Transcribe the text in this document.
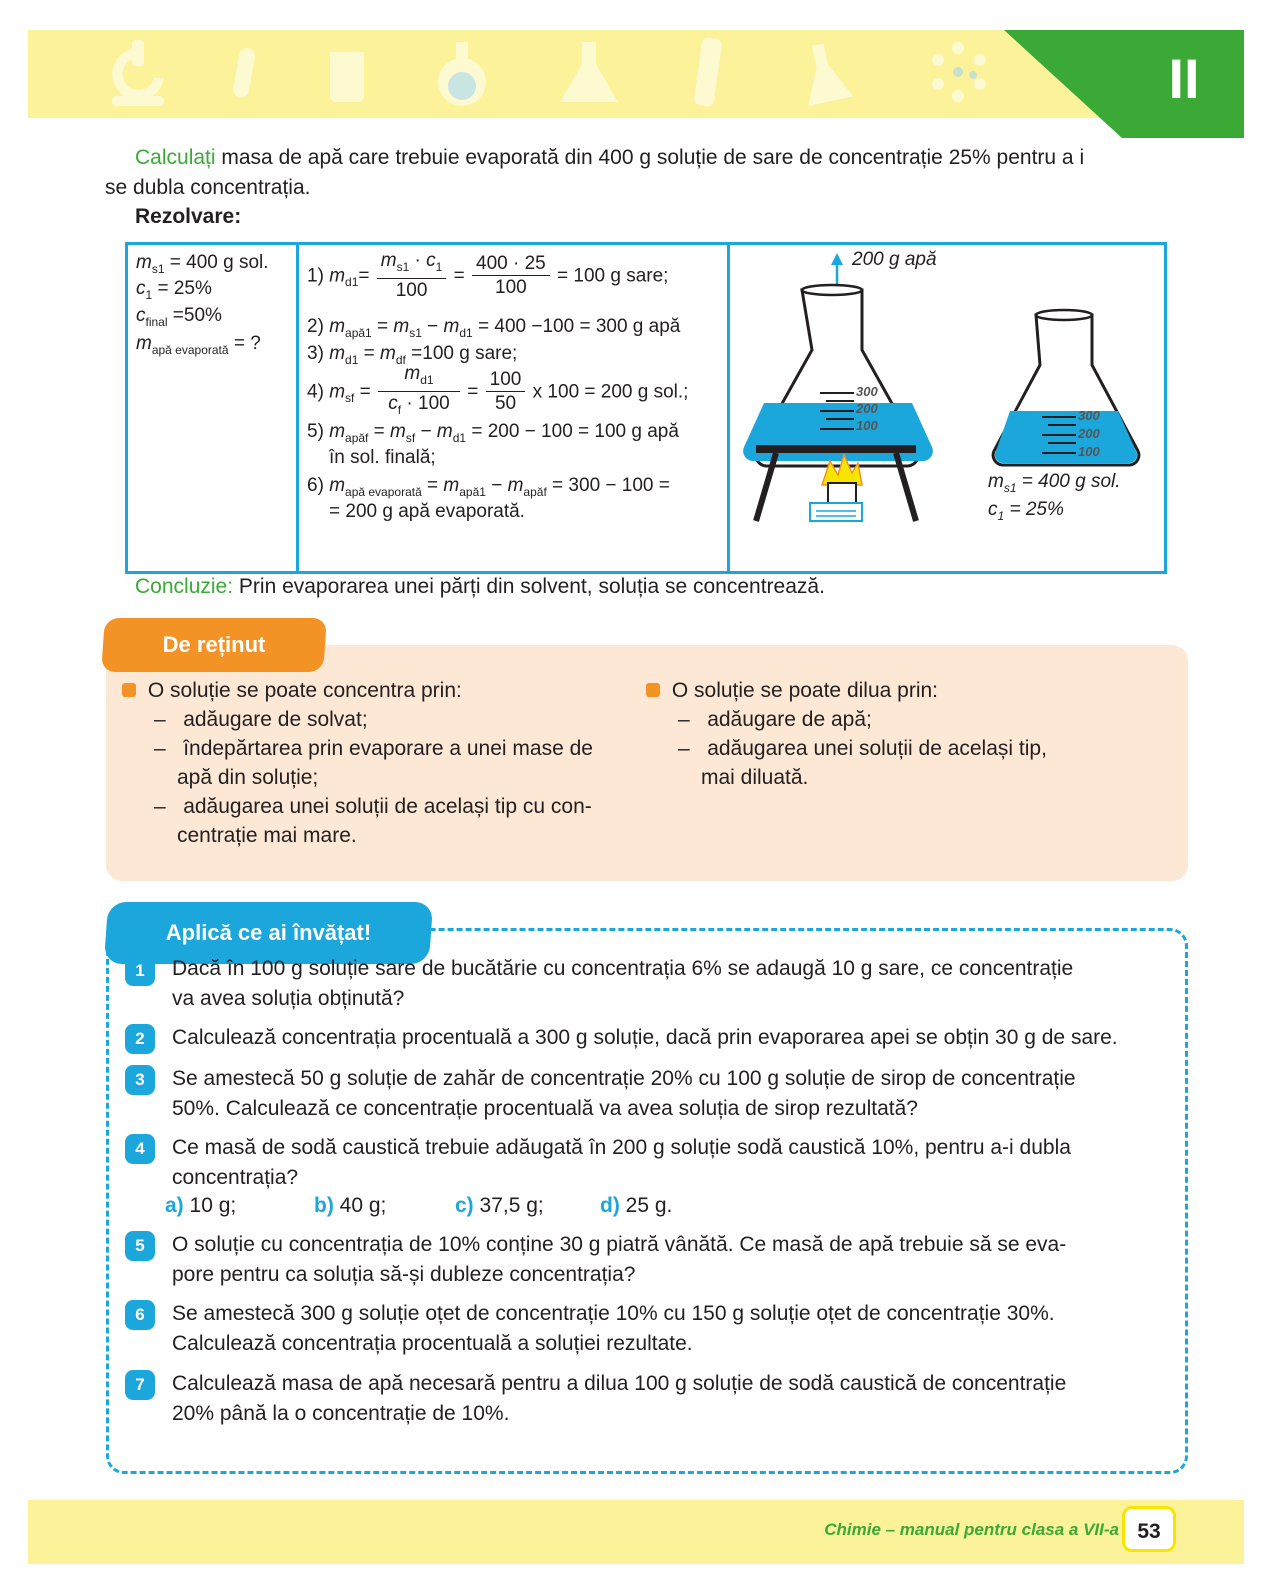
II
Calculați masa de apă care trebuie evaporată din 400 g soluție de sare de concentrație 25% pentru a i
se dubla concentrația.
Rezolvare:
$m_{s1} = 400$ g sol.
$c_1 = 25\%$
$c_{final} =50\%$
$m_{apă evaporată}$ = ?
1) $m_{d1}= \frac{m_{s1} \cdot c_1}{100} = \frac{400 \cdot 25}{100} = 100$ g sare;
2) $m_{apă1} = m_{s1} - m_{d1} = 400 -100 = 300$ g apă
3) $m_{d1} = m_{df} =100$ g sare;
4) $m_{sf} = \frac{m_{d1}}{c_f \cdot 100} = \frac{100}{50}$ x 100 = 200 g sol.;
5) $m_{apăf} = m_{sf} - m_{d1} = 200 - 100 = 100$ g apă
în sol. finală;
6) $m_{apă evaporată} = m_{apă1} - m_{apăf} = 300 - 100$ =
= 200 g apă evaporată.
200 g apă
300
200
100
300
200
100
$m_{s1} = 400$ g sol.
$c_1 = 25\%$
Concluzie: Prin evaporarea unei părți din solvent, soluția se concentrează.
De reținut
O soluție se poate concentra prin:
–   adăugare de solvat;
–   îndepărtarea prin evaporare a unei mase de
apă din soluție;
–   adăugarea unei soluții de același tip cu con-
centrație mai mare.
O soluție se poate dilua prin:
–   adăugare de apă;
–   adăugarea unei soluții de același tip,
mai diluată.
Aplică ce ai învățat!
1	Dacă în 100 g soluție sare de bucătărie cu concentrația 6% se adaugă 10 g sare, ce concentrație
va avea soluția obținută?
2	Calculează concentrația procentuală a 300 g soluție, dacă prin evaporarea apei se obțin 30 g de sare.
3	Se amestecă 50 g soluție de zahăr de concentrație 20% cu 100 g soluție de sirop de concentrație
50%. Calculează ce concentrație procentuală va avea soluția de sirop rezultată?
4	Ce masă de sodă caustică trebuie adăugată în 200 g soluție sodă caustică 10%, pentru a-i dubla
concentrația?
a) 10 g;	b) 40 g;	c) 37,5 g;	d) 25 g.
5	O soluție cu concentrația de 10% conține 30 g piatră vânătă. Ce masă de apă trebuie să se eva-
pore pentru ca soluția să-și dubleze concentrația?
6	Se amestecă 300 g soluție oțet de concentrație 10% cu 150 g soluție oțet de concentrație 30%.
Calculează concentrația procentuală a soluției rezultate.
7	Calculează masa de apă necesară pentru a dilua 100 g soluție de sodă caustică de concentrație
20% până la o concentrație de 10%.
Chimie – manual pentru clasa a VII-a 53
